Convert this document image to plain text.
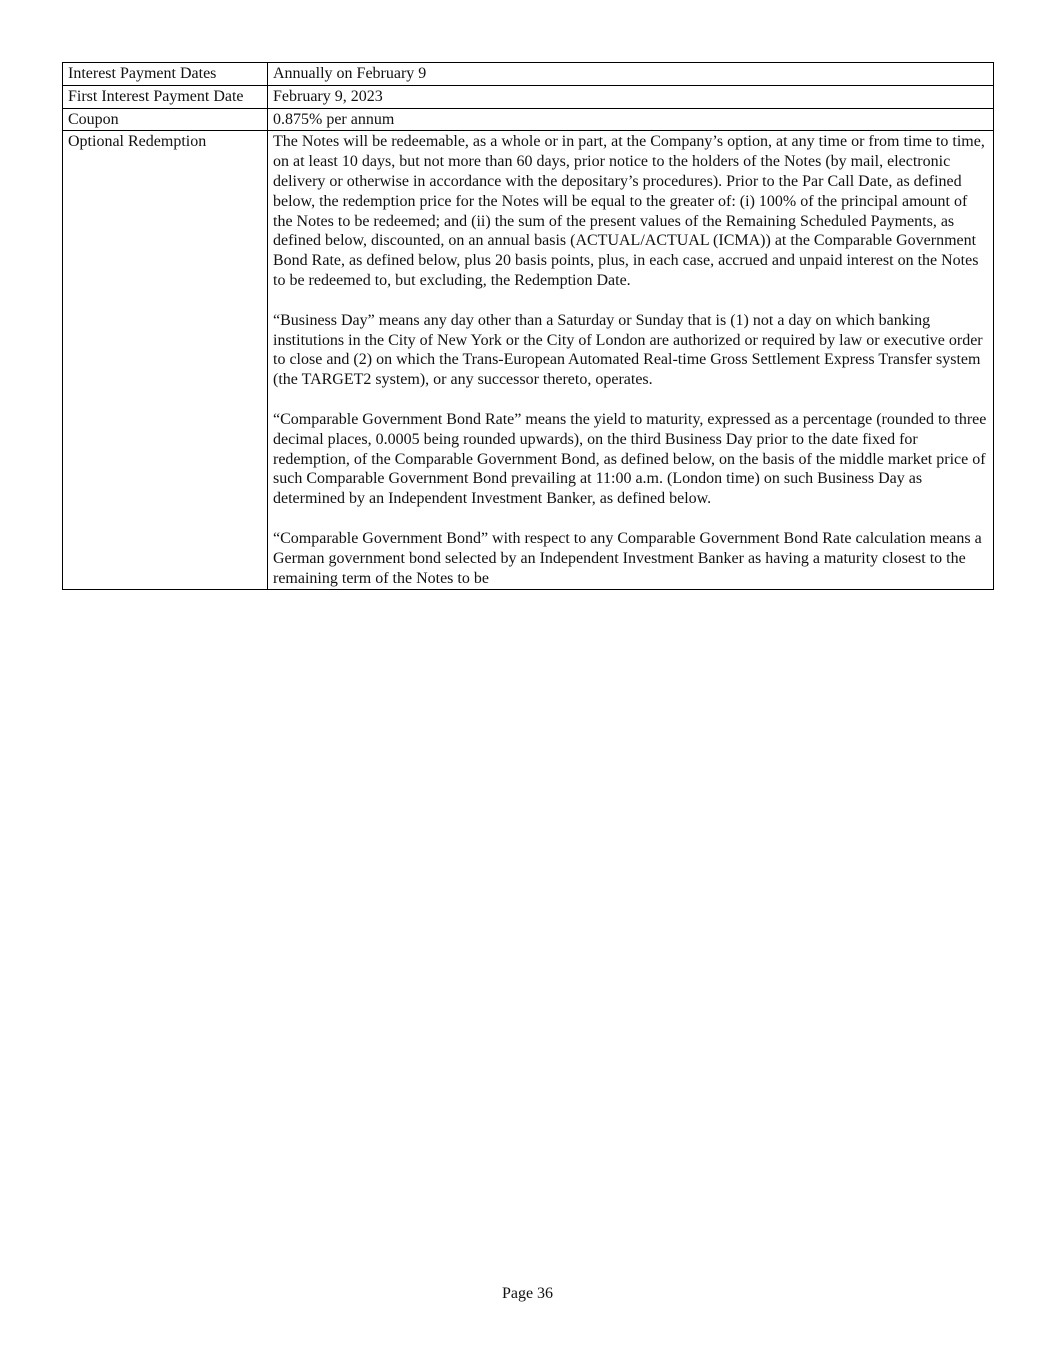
Interest Payment Dates	Annually on February 9
First Interest Payment Date	February 9, 2023
Coupon	0.875% per annum
Optional Redemption	The Notes will be redeemable, as a whole or in part, at the Company’s option, at any time or from time to time, on at least 10 days, but not more than 60 days, prior notice to the holders of the Notes (by mail, electronic delivery or otherwise in accordance with the depositary’s procedures). Prior to the Par Call Date, as defined below, the redemption price for the Notes will be equal to the greater of: (i) 100% of the principal amount of the Notes to be redeemed; and (ii) the sum of the present values of the Remaining Scheduled Payments, as defined below, discounted, on an annual basis (ACTUAL/ACTUAL (ICMA)) at the Comparable Government Bond Rate, as defined below, plus 20 basis points, plus, in each case, accrued and unpaid interest on the Notes to be redeemed to, but excluding, the Redemption Date.

“Business Day” means any day other than a Saturday or Sunday that is (1) not a day on which banking institutions in the City of New York or the City of London are authorized or required by law or executive order to close and (2) on which the Trans-European Automated Real-time Gross Settlement Express Transfer system (the TARGET2 system), or any successor thereto, operates.

“Comparable Government Bond Rate” means the yield to maturity, expressed as a percentage (rounded to three decimal places, 0.0005 being rounded upwards), on the third Business Day prior to the date fixed for redemption, of the Comparable Government Bond, as defined below, on the basis of the middle market price of such Comparable Government Bond prevailing at 11:00 a.m. (London time) on such Business Day as determined by an Independent Investment Banker, as defined below.

“Comparable Government Bond” with respect to any Comparable Government Bond Rate calculation means a German government bond selected by an Independent Investment Banker as having a maturity closest to the remaining term of the Notes to be

Page 36
